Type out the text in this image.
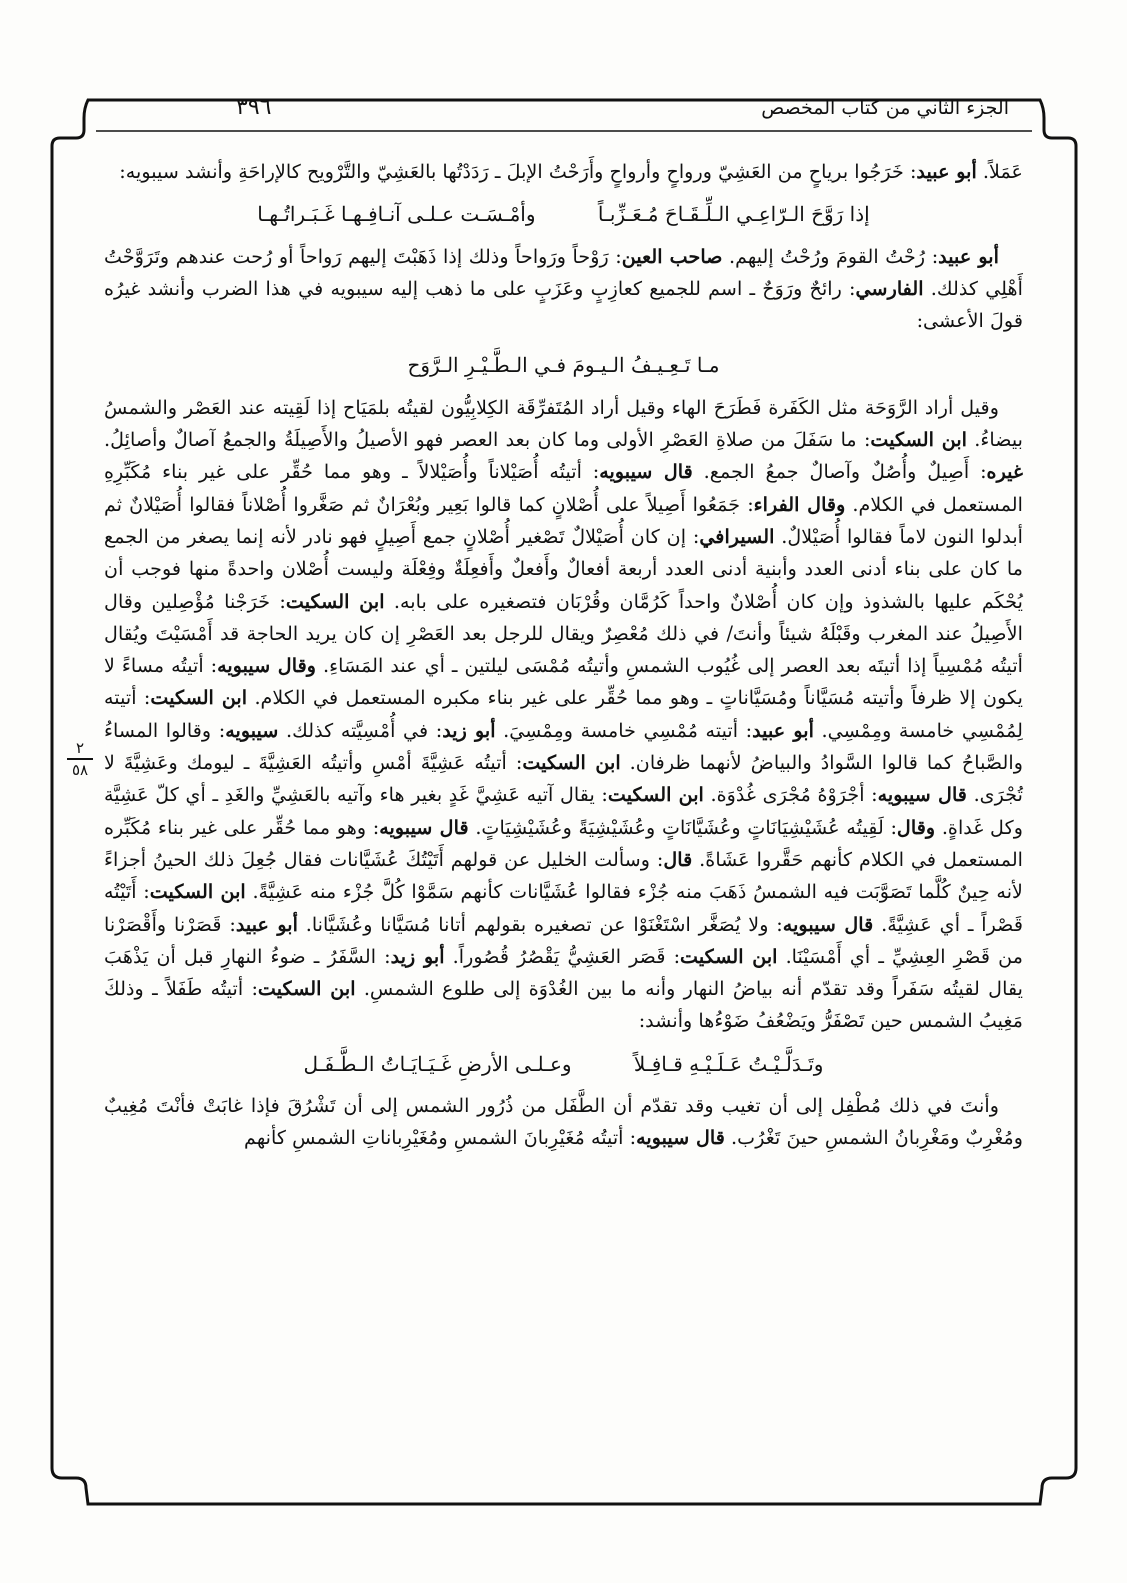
الجزء الثاني من كتاب المخصص
٣٩٦
٢
٥٨

عَمَلاً. أبو عبيد: خَرَجُوا برياحٍ من العَشِيّ ورواحٍ وأرواحٍ وأَرَحْتُ الإبلَ ـ رَدَدْتُها بالعَشِيّ والتَّرْويح كالإراحَةِ وأنشد سيبويه:

إذا رَوَّحَ الـرّاعِـي الـلِّـقَـاحَ مُـعَـزِّبـاً وأمْـسَـت عـلـى آنـافِـهـا غَـبَـراتُـهـا

أبو عبيد: رُحْتُ القومَ ورُحْتُ إليهم. صاحب العين: رَوْحاً ورَواحاً وذلك إذا ذَهَبْتَ إليهم رَواحاً أو رُحت عندهم وتَرَوَّحْتُ أَهْلِي كذلك. الفارسي: رائحٌ ورَوَحٌ ـ اسم للجميع كعازِبٍ وعَزَبٍ على ما ذهب إليه سيبويه في هذا الضرب وأنشد غيرُه قولَ الأعشى:

مـا تَـعِـيـفُ الـيـومَ فـي الـطَّـيْـرِ الـرَّوَح

وقيل أراد الرَّوَحَة مثل الكَفَرة فَطَرَحَ الهاء وقيل أراد المُتَفرِّقَة الكِلابِيُّون لقيتُه بلمَيَاح إذا لَقِيته عند العَصْر والشمسُ بيضاءُ. ابن السكيت: ما سَفَلَ من صلاةِ العَصْرِ الأولى وما كان بعد العصر فهو الأصيلُ والأَصِيلَةُ والجمعُ آصالٌ وأصائِلُ. غيره: أَصِيلٌ وأُصُلٌ وآصالٌ جمعُ الجمع. قال سيبويه: أتيتُه أُصَيْلاناً وأُصَيْلالاً ـ وهو مما حُقِّر على غير بناء مُكَبِّرِهِ المستعمل في الكلام. وقال الفراء: جَمَعُوا أَصِيلاً على أُصْلانٍ كما قالوا بَعِير وبُعْرَانٌ ثم صَغَّروا أُصْلاناً فقالوا أُصَيْلانٌ ثم أبدلوا النون لاماً فقالوا أُصَيْلالٌ. السيرافي: إن كان أُصَيْلالٌ تَصْغير أُصْلانٍ جمع أَصِيلٍ فهو نادر لأنه إنما يصغر من الجمع ما كان على بناء أدنى العدد وأبنية أدنى العدد أربعة أفعالٌ وأَفعلٌ وأَفعِلَةٌ وفِعْلَة وليست أُصْلان واحدةً منها فوجب أن يُحْكَم عليها بالشذوذ وإن كان أُصْلانٌ واحداً كَرُمَّان وقُرْبَان فتصغيره على بابه. ابن السكيت: خَرَجْنا مُؤْصِلين وقال الأَصِيلُ عند المغرب وقَبْلَهُ شيئاً وأنتَ/ في ذلك مُعْصِرٌ ويقال للرجل بعد العَصْرِ إن كان يريد الحاجة قد أَمْسَيْتَ ويُقال أتيتُه مُمْسِياً إذا أتيتَه بعد العصر إلى غُيُوب الشمسِ وأتيتُه مُمْسَى ليلتين ـ أي عند المَسَاءِ. وقال سيبويه: أتيتُه مساءً لا يكون إلا ظرفاً وأتيته مُسَيَّاناً ومُسَيَّاناتٍ ـ وهو مما حُقِّر على غير بناء مكبره المستعمل في الكلام. ابن السكيت: أتيته لِمُمْسِي خامسة ومِمْسِي. أبو عبيد: أتيته مُمْسِي خامسة ومِمْسِيَ. أبو زيد: في أُمْسِيَّته كذلك. سيبويه: وقالوا المساءُ والصَّباحُ كما قالوا السَّوادُ والبياضُ لأنهما ظرفان. ابن السكيت: أتيتُه عَشِيَّةَ أمْسِ وأتيتُه العَشِيَّةَ ـ ليومك وعَشِيَّةَ لا تُجْرَى. قال سيبويه: أجْرَوْهُ مُجْرَى غُدْوَة. ابن السكيت: يقال آتيه عَشِيَّ غَدٍ بغير هاء وآتيه بالعَشِيِّ والغَدِ ـ أي كلّ عَشِيَّة وكل غَداةٍ. وقال: لَقِيتُه عُشَيْشِيَانَاتٍ وعُشَيَّانَاتٍ وعُشَيْشِيَةً وعُشَيْشِيَاتٍ. قال سيبويه: وهو مما حُقِّر على غير بناء مُكَبِّره المستعمل في الكلام كأنهم حَقَّروا عَشَاةً. قال: وسألت الخليل عن قولهم أَتَيْتُكَ عُشَيَّانات فقال جُعِلَ ذلك الحينُ أجزاءً لأنه حِينٌ كُلَّما تَصَوَّبَت فيه الشمسُ ذَهَبَ منه جُزْء فقالوا عُشَيَّانات كأنهم سَمَّوْا كُلَّ جُزْء منه عَشِيَّةً. ابن السكيت: أَتَيْتُه قَصْراً ـ أي عَشِيَّةً. قال سيبويه: ولا يُصَغَّر اسْتَغْنَوْا عن تصغيره بقولهم أتانا مُسَيَّانا وعُشَيَّانا. أبو عبيد: قَصَرْنا وأَقْصَرْنا من قَصْرِ العِشِيِّ ـ أي أَمْسَيْنَا. ابن السكيت: قَصَر العَشِيُّ يَقْصُرُ قُصُوراً. أبو زيد: السَّفَرُ ـ ضوءُ النهارِ قبل أن يَذْهَبَ يقال لقيتُه سَفَراً وقد تقدّم أنه بياضُ النهار وأنه ما بين الغُدْوَة إلى طلوع الشمسِ. ابن السكيت: أتيتُه طَفَلاً ـ وذلكَ مَغِيبُ الشمس حين تَصْفَرُّ ويَضْعُفُ ضَوْءُها وأنشد:

وتَـدَلَّـيْـتُ عَـلَـيْـهِ قـافِـلاً وعـلـى الأرضِ غَـيَـايَـاتُ الـطَّـفَـل

وأنتَ في ذلك مُطْفِل إلى أن تغيب وقد تقدّم أن الطَّفَل من ذُرُور الشمس إلى أن تَشْرُقَ فإذا غابَتْ فأنْتَ مُغِيبٌ ومُغْرِبٌ ومَغْرِبانُ الشمسِ حينَ تَغْرُب. قال سيبويه: أتيتُه مُغَيْرِبانَ الشمسِ ومُغَيْرِباناتِ الشمسِ كأنهم
